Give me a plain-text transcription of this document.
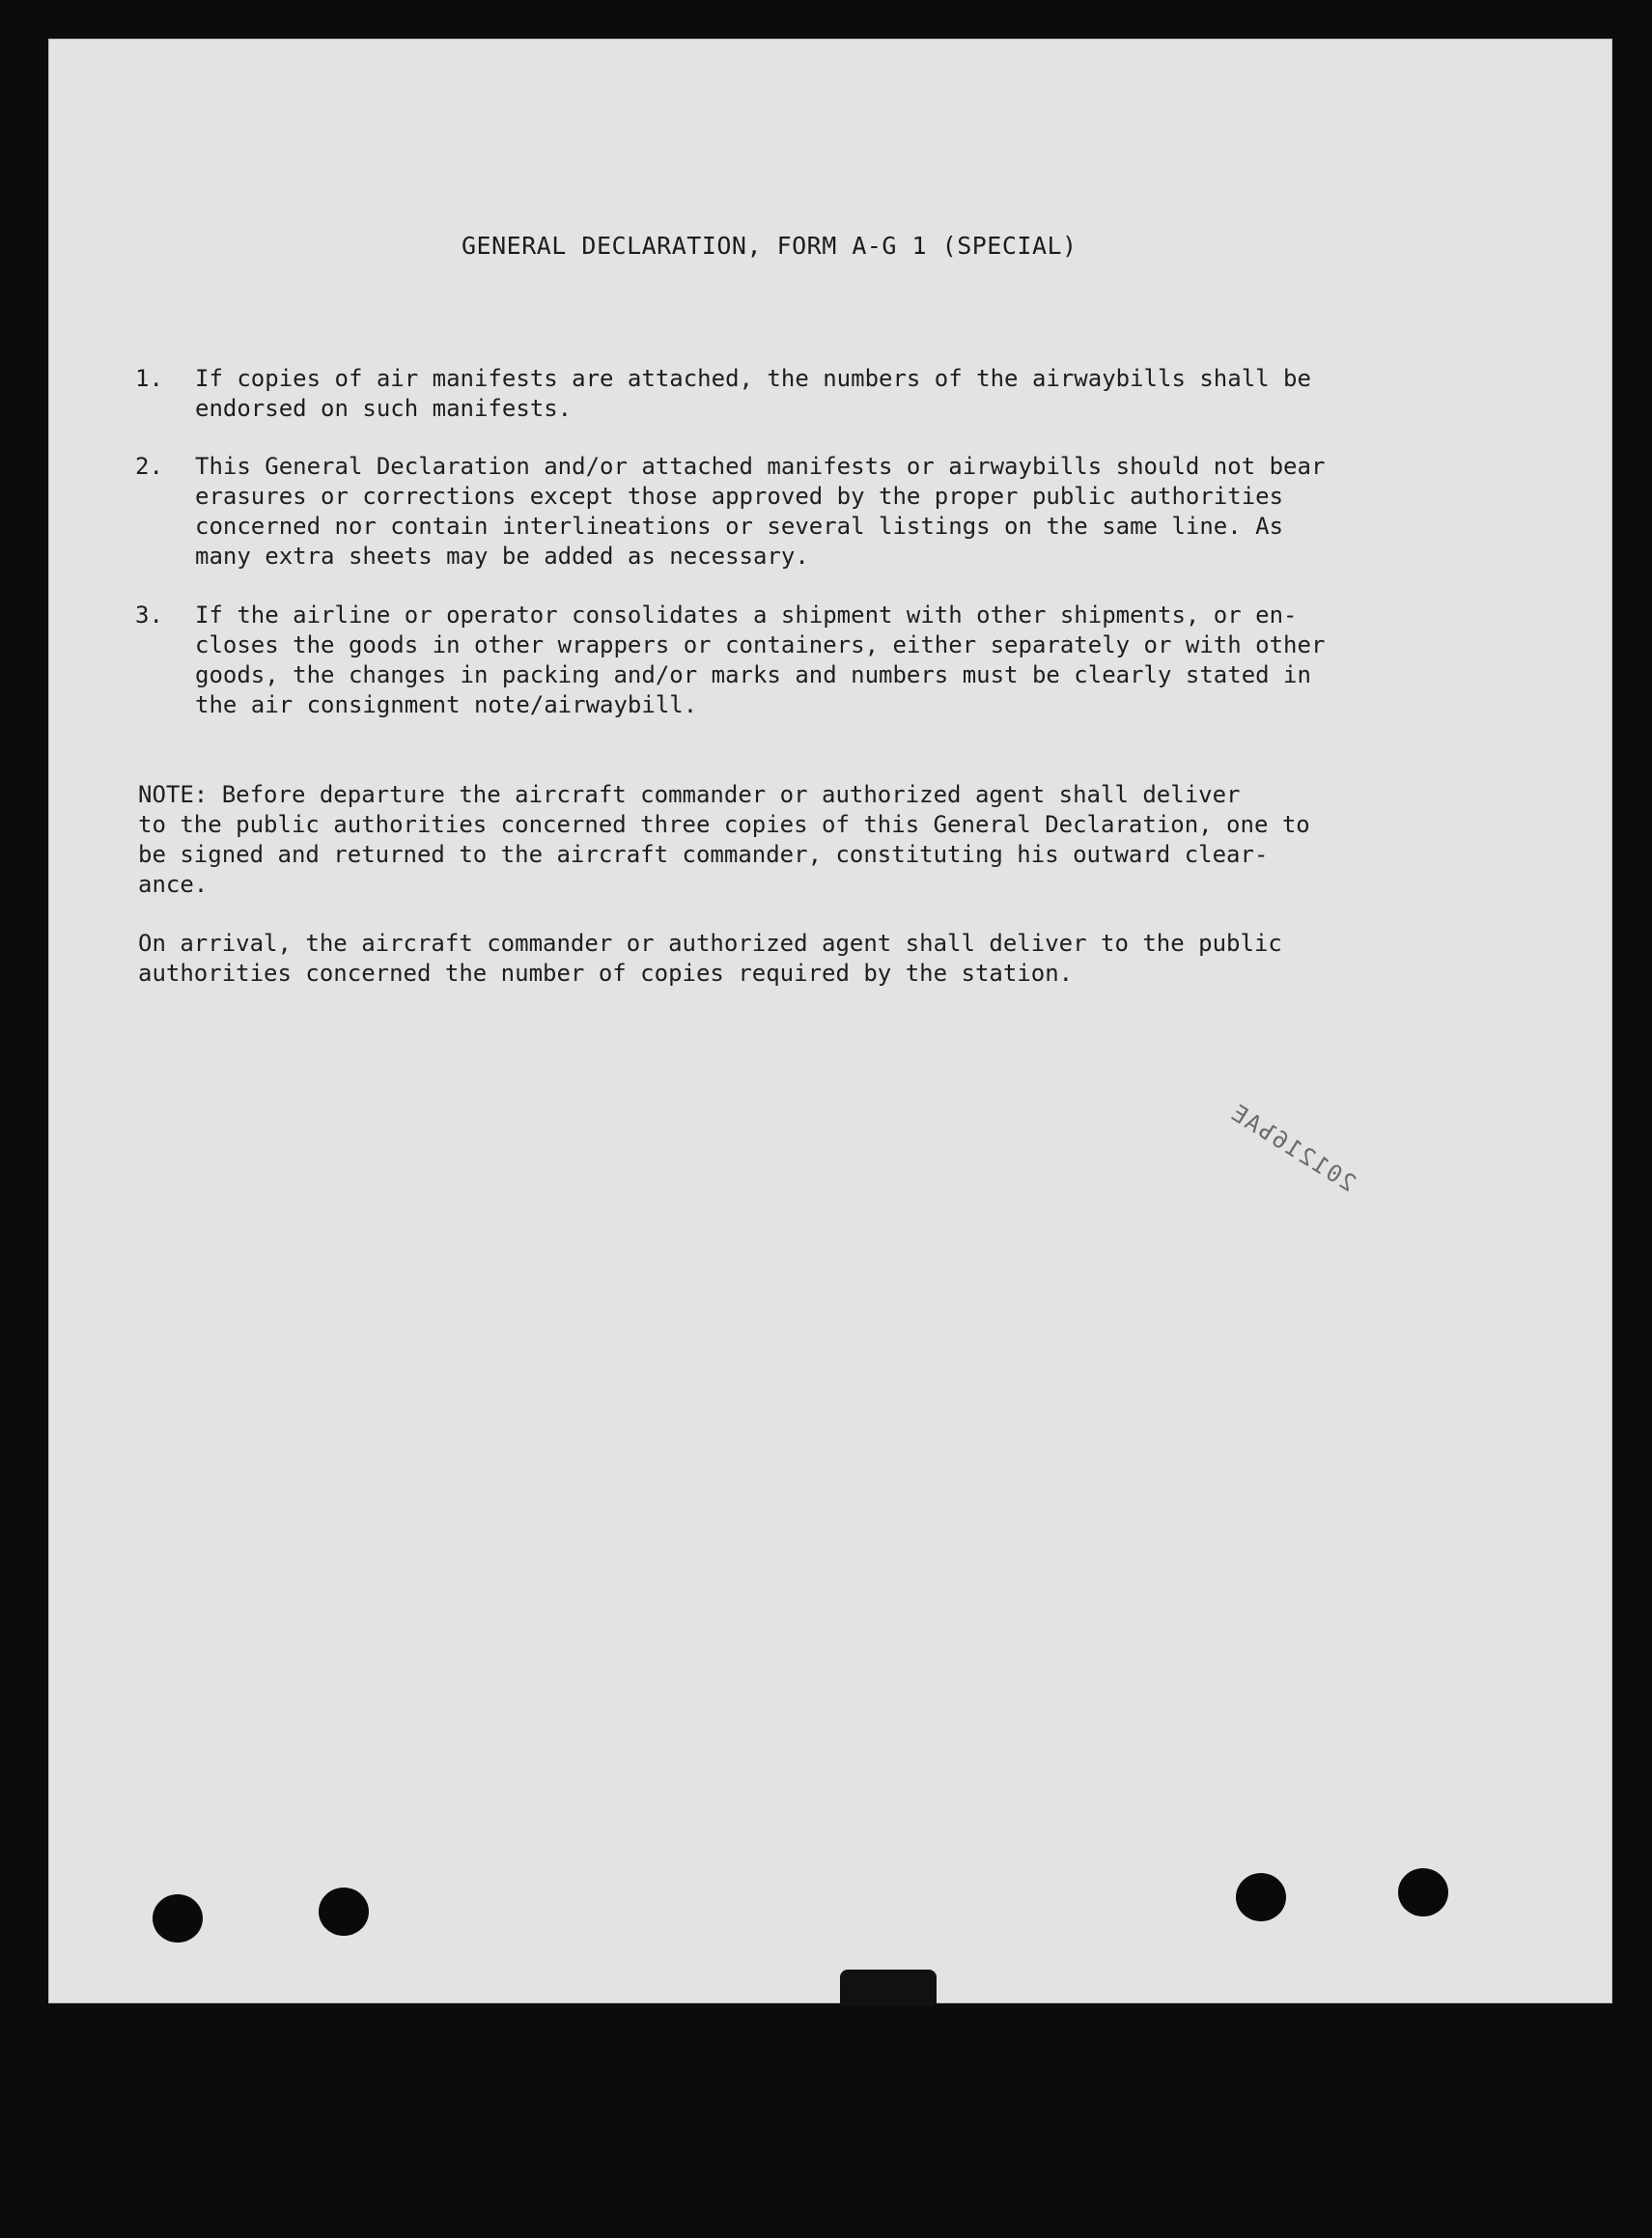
GENERAL DECLARATION, FORM A-G 1 (SPECIAL)
1. If copies of air manifests are attached, the numbers of the airwaybills shall be
endorsed on such manifests.
2. This General Declaration and/or attached manifests or airwaybills should not bear
erasures or corrections except those approved by the proper public authorities
concerned nor contain interlineations or several listings on the same line. As
many extra sheets may be added as necessary.
3. If the airline or operator consolidates a shipment with other shipments, or en-
closes the goods in other wrappers or containers, either separately or with other
goods, the changes in packing and/or marks and numbers must be clearly stated in
the air consignment note/airwaybill.
NOTE: Before departure the aircraft commander or authorized agent shall deliver
to the public authorities concerned three copies of this General Declaration, one to
be signed and returned to the aircraft commander, constituting his outward clear-
ance.
On arrival, the aircraft commander or authorized agent shall deliver to the public
authorities concerned the number of copies required by the station.
201216ЪАЕ
